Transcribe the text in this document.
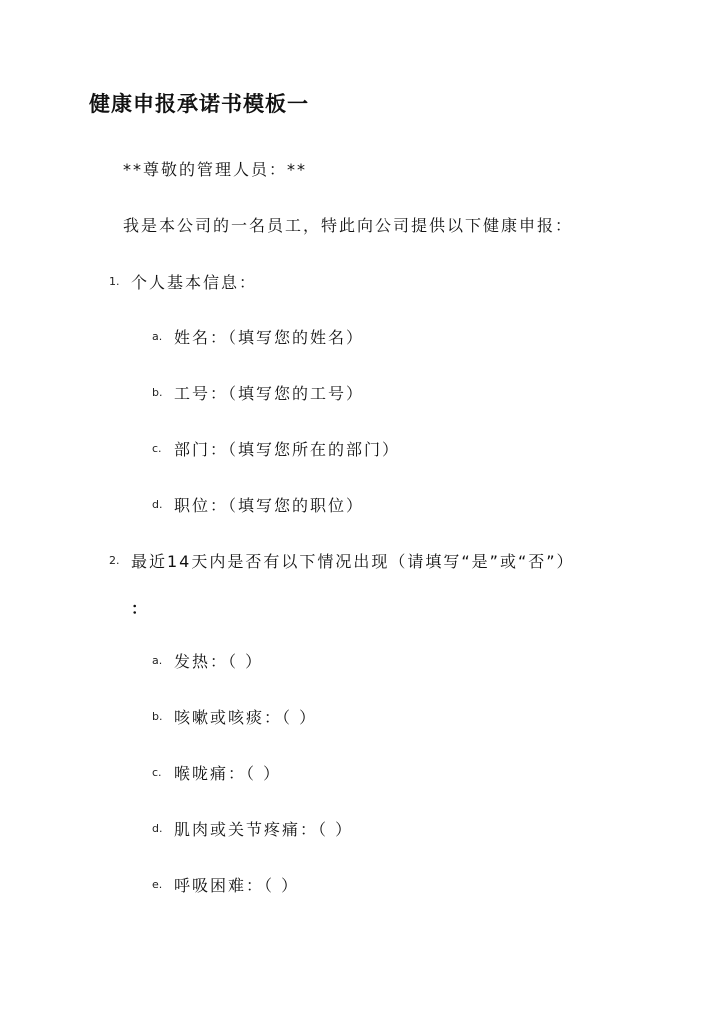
健康申报承诺书模板一
**尊敬的管理人员：**
我是本公司的一名员工，特此向公司提供以下健康申报：
1. 个人基本信息：
a. 姓名：（填写您的姓名）
b. 工号：（填写您的工号）
c. 部门：（填写您所在的部门）
d. 职位：（填写您的职位）
2. 最近14天内是否有以下情况出现（请填写“是”或“否”）
：
a. 发热：（ ）
b. 咳嗽或咳痰：（ ）
c. 喉咙痛：（ ）
d. 肌肉或关节疼痛：（ ）
e. 呼吸困难：（ ）
